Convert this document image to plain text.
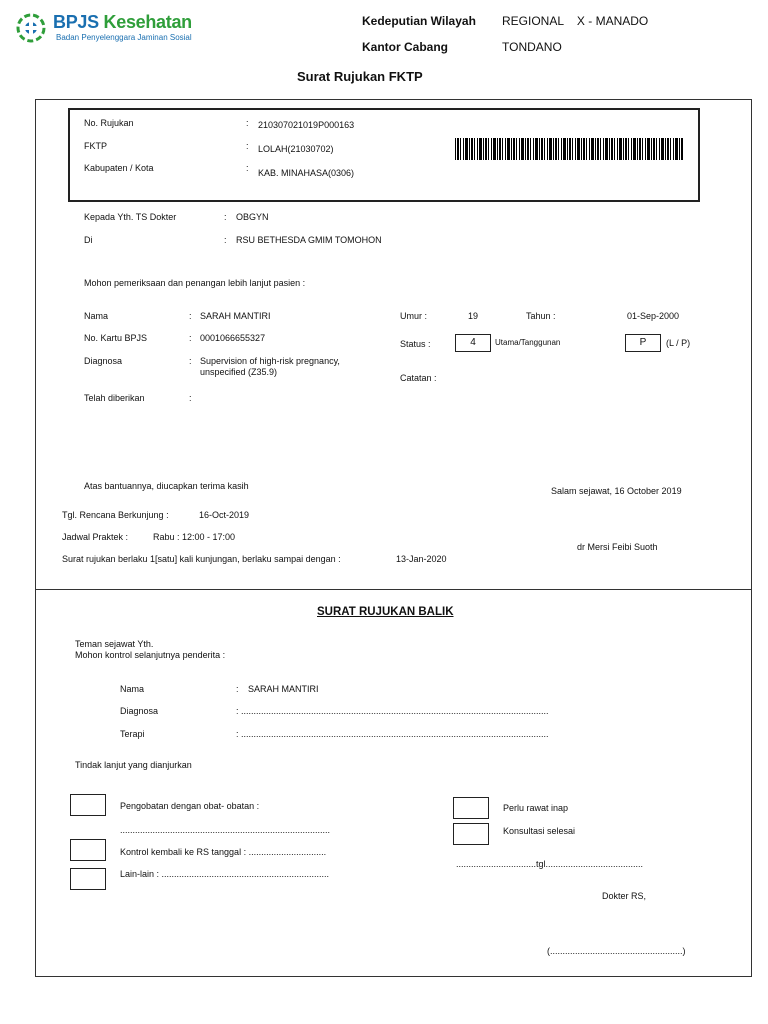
BPJS Kesehatan
Badan Penyelenggara Jaminan Sosial
Kedeputian Wilayah REGIONAL    X - MANADO
Kantor Cabang	TONDANO
Surat Rujukan FKTP
No. Rujukan	: 210307021019P000163
FKTP	: LOLAH(21030702)
Kabupaten / Kota	: KAB. MINAHASA(0306)
Kepada Yth. TS Dokter	: OBGYN
Di	: RSU BETHESDA GMIM TOMOHON
Mohon pemeriksaan dan penangan lebih lanjut pasien :
Nama	: SARAH MANTIRI
No. Kartu BPJS	: 0001066655327
Diagnosa	: Supervision of high-risk pregnancy,
unspecified (Z35.9)
Telah diberikan	:
Umur :	19	Tahun :	01-Sep-2000
Status :	4	Utama/Tanggunan	P	(L / P)
Catatan :
Atas bantuannya, diucapkan terima kasih	Salam sejawat, 16 October 2019
Tgl. Rencana Berkunjung :	16-Oct-2019
Jadwal Praktek :	Rabu : 12:00 - 17:00
Surat rujukan berlaku 1[satu] kali kunjungan, berlaku sampai dengan :	13-Jan-2020
dr Mersi Feibi Suoth
SURAT RUJUKAN BALIK
Teman sejawat Yth.
Mohon kontrol selanjutnya penderita :
Nama	: SARAH MANTIRI
Diagnosa	: ...........................................................................................................................
Terapi	: ...........................................................................................................................
Tindak lanjut yang dianjurkan
Pengobatan dengan obat- obatan :
....................................................................................
Kontrol kembali ke RS tanggal : ...............................
Lain-lain : ...................................................................
Perlu rawat inap
Konsultasi selesai
................................tgl.......................................
Dokter RS,
(.....................................................)
